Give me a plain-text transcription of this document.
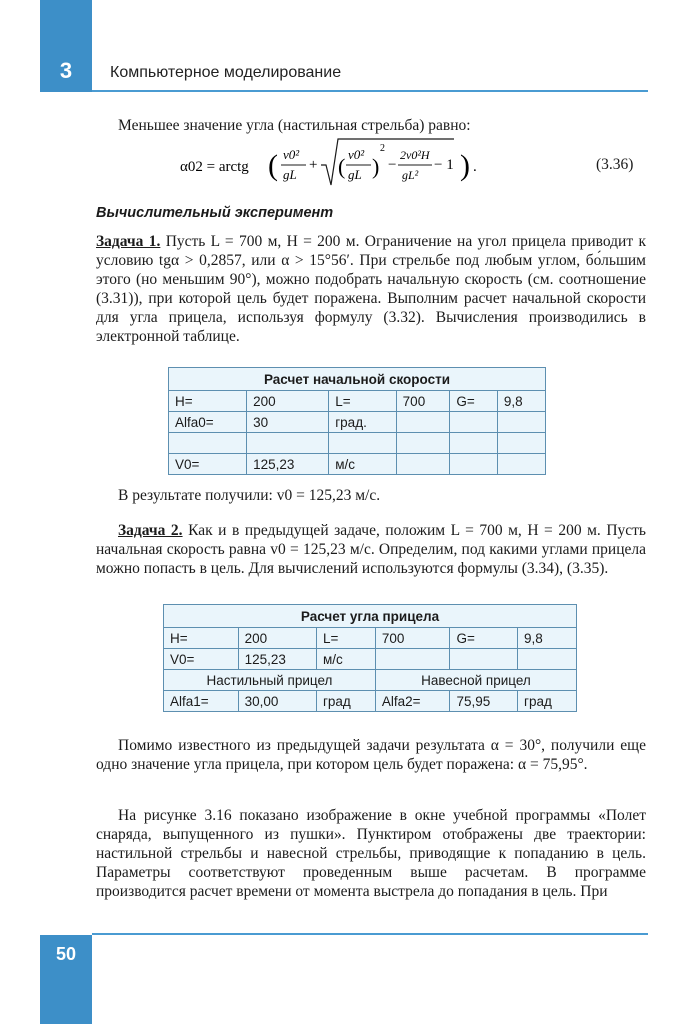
3	Компьютерное моделирование
Меньшее значение угла (настильная стрельба) равно:
α02 = arctg ( v0²
gL
+ ( v0²
gL )
2
−
2v0²H
gL²
− 1 ) .	(3.36)
Вычислительный эксперимент
Задача 1. Пусть L = 700 м, H = 200 м. Ограничение на угол прицела приводит к условию tgα > 0,2857, или α > 15°56′. При стрельбе под любым углом, бо́льшим этого (но меньшим 90°), можно подобрать начальную скорость (см. соотношение (3.31)), при которой цель будет поражена. Выполним расчет начальной скорости для угла прицела, используя формулу (3.32). Вычисления производились в электронной таблице.
Расчет начальной скорости					
H=	200	L=	700	G=	9,8
Alfa0=	30	град.			

V0=	125,23	м/с			
В результате получили: v0 = 125,23 м/с.
Задача 2. Как и в предыдущей задаче, положим L = 700 м, H = 200 м. Пусть начальная скорость равна v0 = 125,23 м/с. Определим, под какими углами прицела можно попасть в цель. Для вычислений используются формулы (3.34), (3.35).
Расчет угла прицела					
H=	200	L=	700	G=	9,8
V0=	125,23	м/с			
Настильный прицел			Навесной прицел		
Alfa1=	30,00	град	Alfa2=	75,95	град
Помимо известного из предыдущей задачи результата α = 30°, получили еще одно значение угла прицела, при котором цель будет поражена: α = 75,95°.
На рисунке 3.16 показано изображение в окне учебной программы «Полет снаряда, выпущенного из пушки». Пунктиром отображены две траектории: настильной стрельбы и навесной стрельбы, приводящие к попаданию в цель. Параметры соответствуют проведенным выше расчетам. В программе производится расчет времени от момента выстрела до попадания в цель. При
50
